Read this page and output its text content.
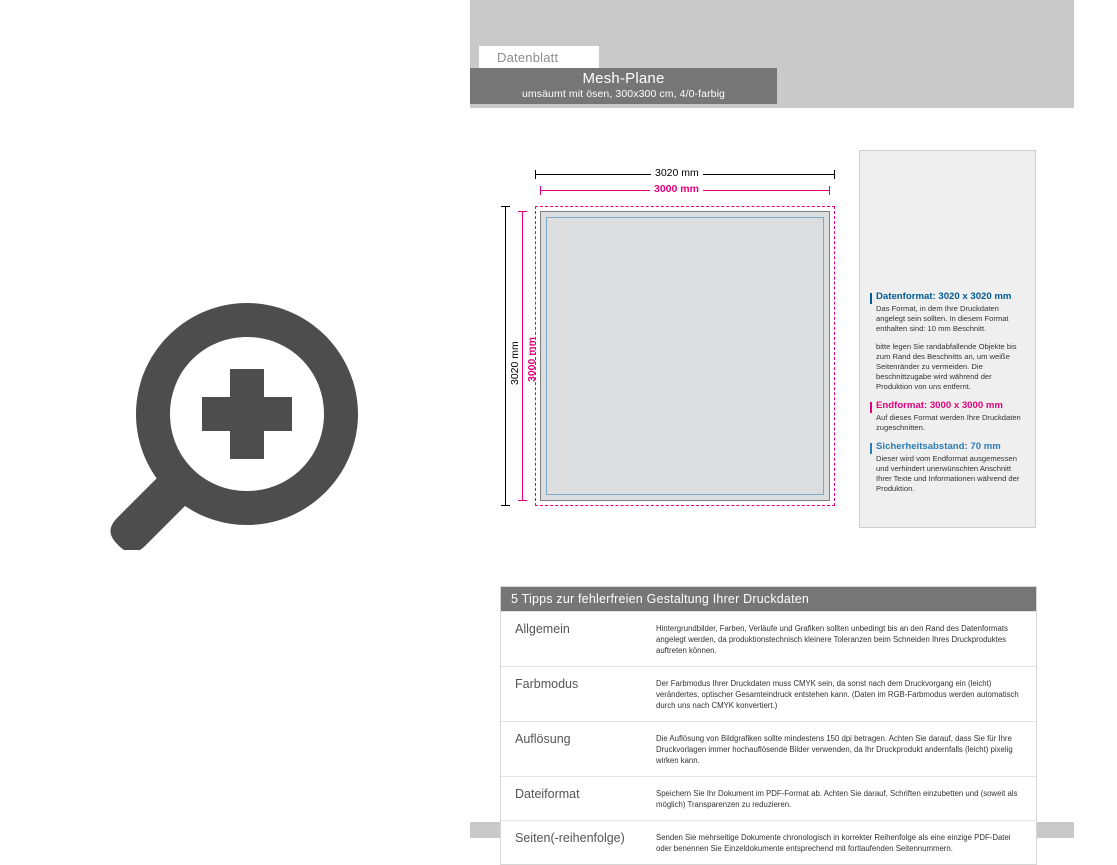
Datenblatt
Mesh-Plane
umsäumt mit ösen, 300x300 cm, 4/0-farbig
3020 mm
3000 mm
3020 mm 3000 mm
Datenformat: 3020 x 3020 mm

Das Format, in dem Ihre Druckdaten angelegt sein sollten. In diesem Format enthalten sind: 10 mm Beschnitt.

bitte legen Sie randabfallende Objekte bis zum Rand des Beschnitts an, um weiße Seitenränder zu vermeiden. Die beschnittzugabe wird während der Produktion von uns entfernt.

Endformat: 3000 x 3000 mm

Auf dieses Format werden Ihre Druckdaten zugeschnitten.

Sicherheitsabstand: 70 mm

Dieser wird vom Endformat ausgemessen und verhindert unerwünschten Anschnitt Ihrer Texte und Informationen während der Produktion.

5 Tipps zur fehlerfreien Gestaltung Ihrer Druckdaten
Allgemein	Hintergrundbilder, Farben, Verläufe und Grafiken sollten unbedingt bis an den Rand des Datenformats angelegt werden, da produktionstechnisch kleinere Toleranzen beim Schneiden Ihres Druckproduktes auftreten können.
Farbmodus	Der Farbmodus Ihrer Druckdaten muss CMYK sein, da sonst nach dem Druckvorgang ein (leicht) verändertes, optischer Gesamteindruck entstehen kann. (Daten im RGB-Farbmodus werden automatisch durch uns nach CMYK konvertiert.)
Auflösung	Die Auflösung von Bildgrafiken sollte mindestens 150 dpi betragen. Achten Sie darauf, dass Sie für Ihre Druckvorlagen immer hochauflösende Bilder verwenden, da Ihr Druckprodukt andernfalls (leicht) pixelig wirken kann.
Dateiformat	Speichern Sie Ihr Dokument im PDF-Format ab. Achten Sie darauf, Schriften einzubetten und (soweit als möglich) Transparenzen zu reduzieren.
Seiten(-reihenfolge)	Senden Sie mehrseitige Dokumente chronologisch in korrekter Reihenfolge als eine einzige PDF-Datei oder benennen Sie Einzeldokumente entsprechend mit fortlaufenden Seitennummern.
